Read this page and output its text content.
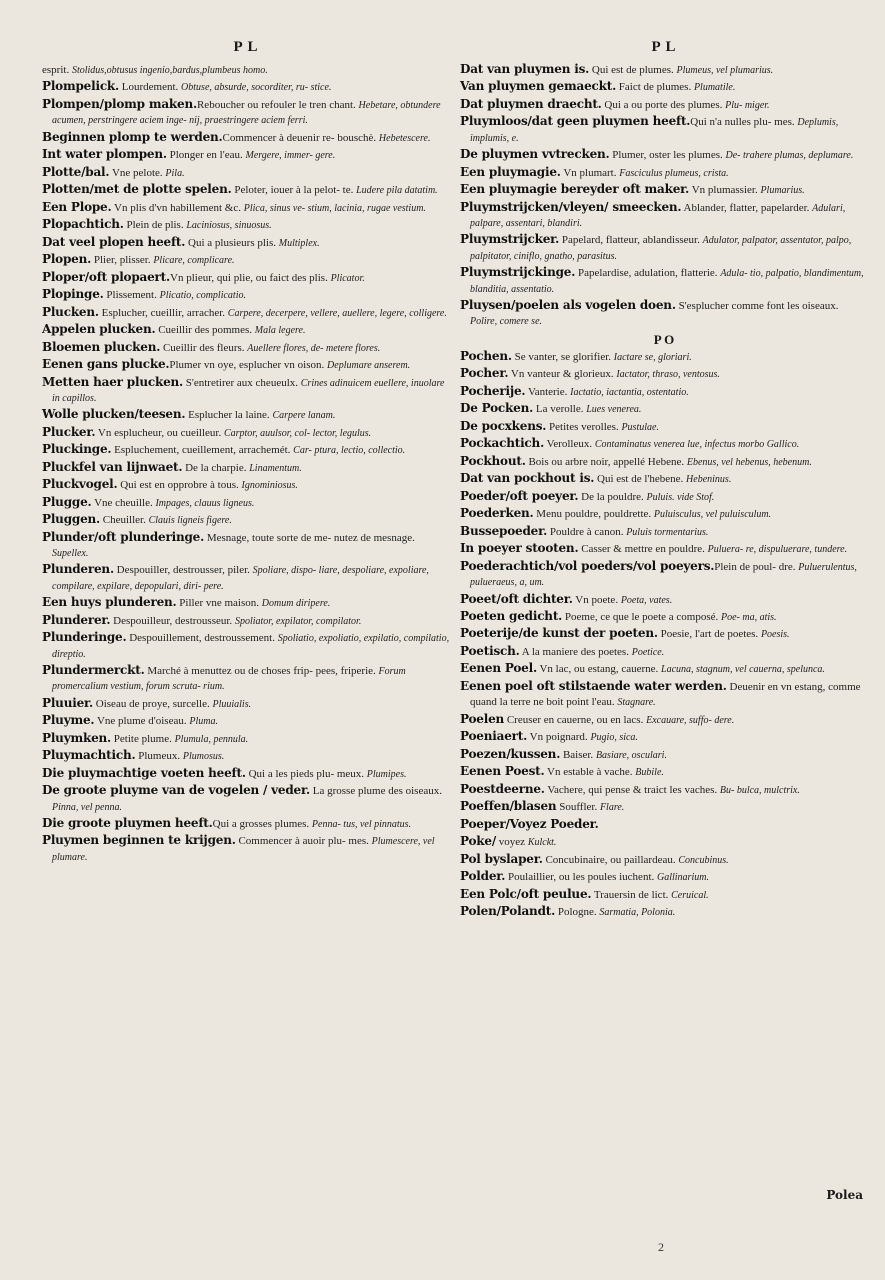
P L
esprit. Stolidus,obtusus ingenio,bardus,plumbeus homo.
Plompelick. Lourdement. Obtuse, absurde, socorditer, ru- stice.
Plompen/plomp maken.Reboucher ou refouler le tren chant. Hebetare, obtundere acumen, perstringere aciem inge- nij, praestringere aciem ferri.
Beginnen plomp te werden.Commencer à deuenir re- bouschè. Hebetescere.
Int water plompen. Plonger en l'eau. Mergere, immer- gere.
Plotte/bal. Vne pelote. Pila.
Plotten/met de plotte spelen. Peloter, iouer à la pelot- te. Ludere pila datatim.
Een Plope. Vn plis d'vn habillement &c. Plica, sinus ve- stium, lacinia, rugae vestium.
Plopachtich. Plein de plis. Laciniosus, sinuosus.
Dat veel plopen heeft. Qui a plusieurs plis. Multiplex.
Plopen. Plier, plisser. Plicare, complicare.
Ploper/oft plopaert.Vn plieur, qui plie, ou faict des plis. Plicator.
Plopinge. Plissement. Plicatio, complicatio.
Plucken. Esplucher, cueillir, arracher. Carpere, decerpere, vellere, auellere, legere, colligere.
Appelen plucken. Cueillir des pommes. Mala legere.
Bloemen plucken. Cueillir des fleurs. Auellere flores, de- metere flores.
Eenen gans plucke.Plumer vn oye, esplucher vn oison. Deplumare anserem.
Metten haer plucken. S'entretirer aux cheueulx. Crines adinuicem euellere, inuolare in capillos.
Wolle plucken/teesen. Esplucher la laine. Carpere lanam.
Plucker. Vn esplucheur, ou cueilleur. Carptor, auulsor, col- lector, legulus.
Pluckinge. Espluchement, cueillement, arrachemét. Car- ptura, lectio, collectio.
Pluckfel van lijnwaet. De la charpie. Linamentum.
Pluckvogel. Qui est en opprobre à tous. Ignominiosus.
Plugge. Vne cheuille. Impages, clauus ligneus.
Pluggen. Cheuiller. Clauis ligneis figere.
Plunder/oft plunderinge. Mesnage, toute sorte de me- nutez de mesnage. Supellex.
Plunderen. Despouiller, destrousser, piler. Spoliare, dispo- liare, despoliare, expoliare, compilare, expilare, depopulari, diri- pere.
Een huys plunderen. Piller vne maison. Domum diripere.
Plunderer. Despouilleur, destrousseur. Spoliator, expilator, compilator.
Plunderinge. Despouillement, destroussement. Spoliatio, expoliatio, expilatio, compilatio, direptio.
Plundermerckt. Marché à menuttez ou de choses frip- pees, friperie. Forum promercalium vestium, forum scruta- rium.
Pluuier. Oiseau de proye, surcelle. Pluuialis.
Pluyme. Vne plume d'oiseau. Pluma.
Pluymken. Petite plume. Plumula, pennula.
Pluymachtich. Plumeux. Plumosus.
Die pluymachtige voeten heeft. Qui a les pieds plu- meux. Plumipes.
De groote pluyme van de vogelen / veder. La grosse plume des oiseaux. Pinna, vel penna.
Die groote pluymen heeft.Qui a grosses plumes. Penna- tus, vel pinnatus.
Pluymen beginnen te krijgen. Commencer à auoir plu- mes. Plumescere, vel plumare.
P L
Dat van pluymen is. Qui est de plumes. Plumeus, vel plumarius.
Van pluymen gemaeckt. Faict de plumes. Plumatile.
Dat pluymen draecht. Qui a ou porte des plumes. Plu- miger.
Pluymloos/dat geen pluymen heeft.Qui n'a nulles plu- mes. Deplumis, implumis, e.
De pluymen vvtrecken. Plumer, oster les plumes. De- trahere plumas, deplumare.
Een pluymagie. Vn plumart. Fasciculus plumeus, crista.
Een pluymagie bereyder oft maker. Vn plumassier. Plumarius.
Pluymstrijcken/vleyen/ smeecken. Ablander, flatter, papelarder. Adulari, palpare, assentari, blandiri.
Pluymstrijcker. Papelard, flatteur, ablandisseur. Adulator, palpator, assentator, palpo, palpitator, ciniflo, gnatho, parasitus.
Pluymstrijckinge. Papelardise, adulation, flatterie. Adula- tio, palpatio, blandimentum, blanditia, assentatio.
Pluysen/poelen als vogelen doen. S'esplucher comme font les oiseaux. Polire, comere se.
P O
Pochen. Se vanter, se glorifier. Iactare se, gloriari.
Pocher. Vn vanteur & glorieux. Iactator, thraso, ventosus.
Pocherije. Vanterie. Iactatio, iactantia, ostentatio.
De Pocken. La verolle. Lues venerea.
De pocxkens. Petites verolles. Pustulae.
Pockachtich. Verolleux. Contaminatus venerea lue, infectus morbo Gallico.
Pockhout. Bois ou arbre noir, appellé Hebene. Ebenus, vel hebenus, hebenum.
Dat van pockhout is. Qui est de l'hebene. Hebeninus.
Poeder/oft poeyer. De la pouldre. Puluis. vide Stof.
Poederken. Menu pouldre, pouldrette. Puluisculus, vel puluisculum.
Bussepoeder. Pouldre à canon. Puluis tormentarius.
In poeyer stooten. Casser & mettre en pouldre. Puluera- re, dispuluerare, tundere.
Poederachtich/vol poeders/vol poeyers.Plein de poul- dre. Puluerulentus, pulueraeus, a, um.
Poeet/oft dichter. Vn poete. Poeta, vates.
Poeten gedicht. Poeme, ce que le poete a composé. Poe- ma, atis.
Poeterije/de kunst der poeten. Poesie, l'art de poetes. Poesis.
Poetisch. A la maniere des poetes. Poetice.
Eenen Poel. Vn lac, ou estang, cauerne. Lacuna, stagnum, vel cauerna, spelunca.
Eenen poel oft stilstaende water werden. Deuenir en vn estang, comme quand la terre ne boit point l'eau. Stagnare.
Poelen Creuser en cauerne, ou en lacs. Excauare, suffo- dere.
Poeniaert. Vn poignard. Pugio, sica.
Poezen/kussen. Baiser. Basiare, osculari.
Eenen Poest. Vn estable à vache. Bubile.
Poestdeerne. Vachere, qui pense & traict les vaches. Bu- bulca, mulctrix.
Poeffen/blasen Souffler. Flare.
Poeper/Voyez Poeder.
Poke/ voyez Kulckt.
Pol byslaper. Concubinaire, ou paillardeau. Concubinus.
Polder. Poulaillier, ou les poules iuchent. Gallinarium.
Een Polc/oft peulue. Trauersin de lict. Ceruical.
Polen/Polandt. Pologne. Sarmatia, Polonia.
Polea
2
